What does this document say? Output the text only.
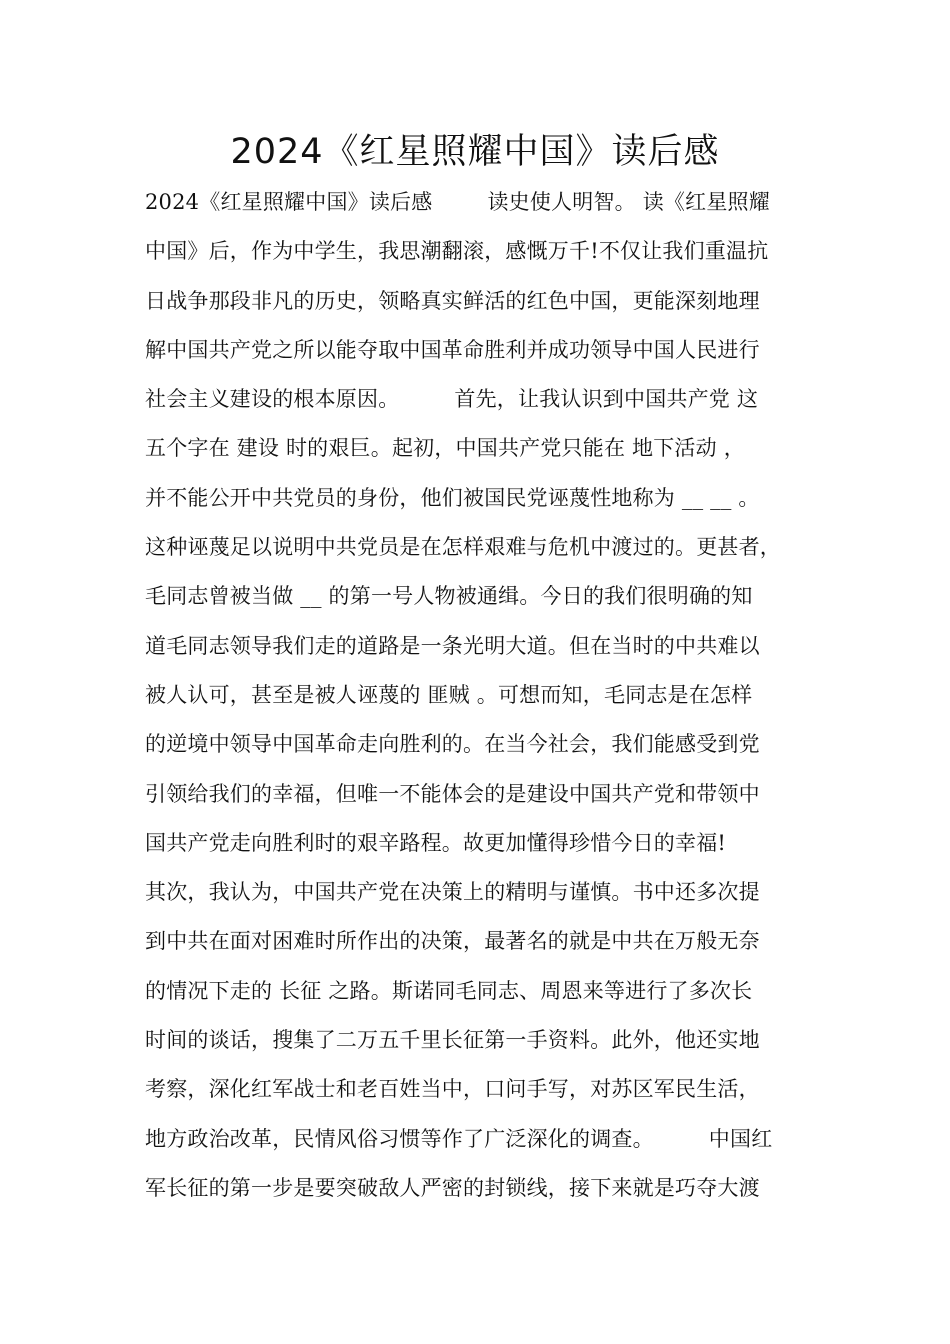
2024《红星照耀中国》读后感
2024《红星照耀中国》读后感        读史使人明智。 读《红星照耀
中国》后，作为中学生，我思潮翻滚，感慨万千!不仅让我们重温抗
日战争那段非凡的历史，领略真实鲜活的红色中国，更能深刻地理
解中国共产党之所以能夺取中国革命胜利并成功领导中国人民进行
社会主义建设的根本原因。        首先，让我认识到中国共产党 这
五个字在 建设 时的艰巨。起初，中国共产党只能在 地下活动 ，
并不能公开中共党员的身份，他们被国民党诬蔑性地称为 __ __ 。
这种诬蔑足以说明中共党员是在怎样艰难与危机中渡过的。更甚者，
毛同志曾被当做 __ 的第一号人物被通缉。今日的我们很明确的知
道毛同志领导我们走的道路是一条光明大道。但在当时的中共难以
被人认可，甚至是被人诬蔑的 匪贼 。可想而知，毛同志是在怎样
的逆境中领导中国革命走向胜利的。在当今社会，我们能感受到党
引领给我们的幸福，但唯一不能体会的是建设中国共产党和带领中
国共产党走向胜利时的艰辛路程。故更加懂得珍惜今日的幸福!
其次，我认为，中国共产党在决策上的精明与谨慎。书中还多次提
到中共在面对困难时所作出的决策，最著名的就是中共在万般无奈
的情况下走的 长征 之路。斯诺同毛同志、周恩来等进行了多次长
时间的谈话，搜集了二万五千里长征第一手资料。此外，他还实地
考察，深化红军战士和老百姓当中，口问手写，对苏区军民生活，
地方政治改革，民情风俗习惯等作了广泛深化的调查。        中国红
军长征的第一步是要突破敌人严密的封锁线，接下来就是巧夺大渡
